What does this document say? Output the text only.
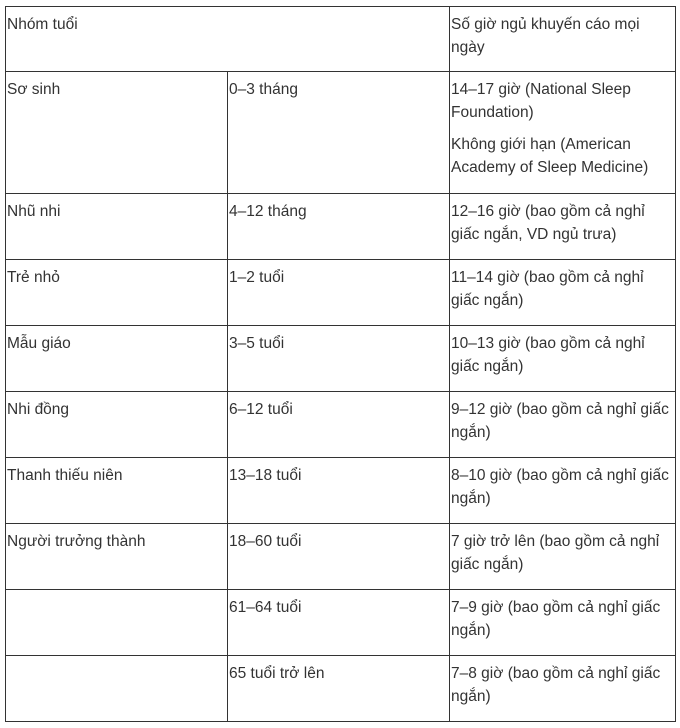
Nhóm tuổi		Số giờ ngủ khuyến cáo mọi ngày
Sơ sinh	0–3 tháng	14–17 giờ (National Sleep Foundation)
Không giới hạn (American Academy of Sleep Medicine)

Nhũ nhi	4–12 tháng	12–16 giờ (bao gồm cả nghỉ giấc ngắn, VD ngủ trưa)
Trẻ nhỏ	1–2 tuổi	11–14 giờ (bao gồm cả nghỉ giấc ngắn)
Mẫu giáo	3–5 tuổi	10–13 giờ (bao gồm cả nghỉ giấc ngắn)
Nhi đồng	6–12 tuổi	9–12 giờ (bao gồm cả nghỉ giấc ngắn)
Thanh thiếu niên	13–18 tuổi	8–10 giờ (bao gồm cả nghỉ giấc ngắn)
Người trưởng thành	18–60 tuổi	7 giờ trở lên (bao gồm cả nghỉ giấc ngắn)
	61–64 tuổi	7–9 giờ (bao gồm cả nghỉ giấc ngắn)
	65 tuổi trở lên	7–8 giờ (bao gồm cả nghỉ giấc ngắn)
